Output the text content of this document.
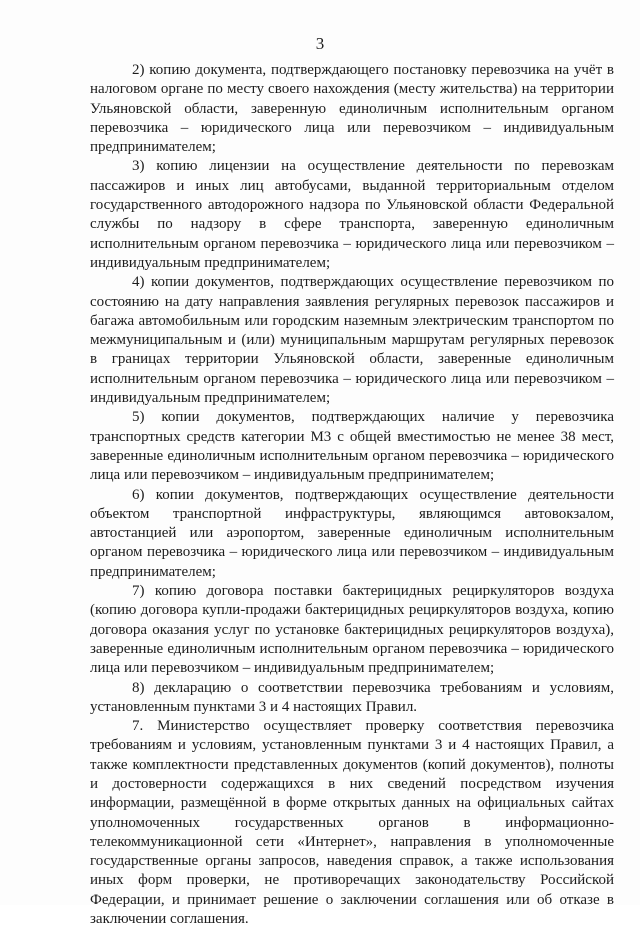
3

2) копию документа, подтверждающего постановку перевозчика на учёт в налоговом органе по месту своего нахождения (месту жительства) на территории Ульяновской области, заверенную единоличным исполнительным органом перевозчика – юридического лица или перевозчиком – индивидуальным предпринимателем;

3) копию лицензии на осуществление деятельности по перевозкам пассажиров и иных лиц автобусами, выданной территориальным отделом государственного автодорожного надзора по Ульяновской области Федеральной службы по надзору в сфере транспорта, заверенную единоличным исполнительным органом перевозчика – юридического лица или перевозчиком – индивидуальным предпринимателем;

4) копии документов, подтверждающих осуществление перевозчиком по состоянию на дату направления заявления регулярных перевозок пассажиров и багажа автомобильным или городским наземным электрическим транспортом по межмуниципальным и (или) муниципальным маршрутам регулярных перевозок в границах территории Ульяновской области, заверенные единоличным исполнительным органом перевозчика – юридического лица или перевозчиком – индивидуальным предпринимателем;

5) копии документов, подтверждающих наличие у перевозчика транспортных средств категории М3 с общей вместимостью не менее 38 мест, заверенные единоличным исполнительным органом перевозчика – юридического лица или перевозчиком – индивидуальным предпринимателем;

6) копии документов, подтверждающих осуществление деятельности объектом транспортной инфраструктуры, являющимся автовокзалом, автостанцией или аэропортом, заверенные единоличным исполнительным органом перевозчика – юридического лица или перевозчиком – индивидуальным предпринимателем;

7) копию договора поставки бактерицидных рециркуляторов воздуха (копию договора купли-продажи бактерицидных рециркуляторов воздуха, копию договора оказания услуг по установке бактерицидных рециркуляторов воздуха), заверенные единоличным исполнительным органом перевозчика – юридического лица или перевозчиком – индивидуальным предпринимателем;

8) декларацию о соответствии перевозчика требованиям и условиям, установленным пунктами 3 и 4 настоящих Правил.

7. Министерство осуществляет проверку соответствия перевозчика требованиям и условиям, установленным пунктами 3 и 4 настоящих Правил, а также комплектности представленных документов (копий документов), полноты и достоверности содержащихся в них сведений посредством изучения информации, размещённой в форме открытых данных на официальных сайтах уполномоченных государственных органов в информационно-телекоммуникационной сети «Интернет», направления в уполномоченные государственные органы запросов, наведения справок, а также использования иных форм проверки, не противоречащих законодательству Российской Федерации, и принимает решение о заключении соглашения или об отказе в заключении соглашения.
